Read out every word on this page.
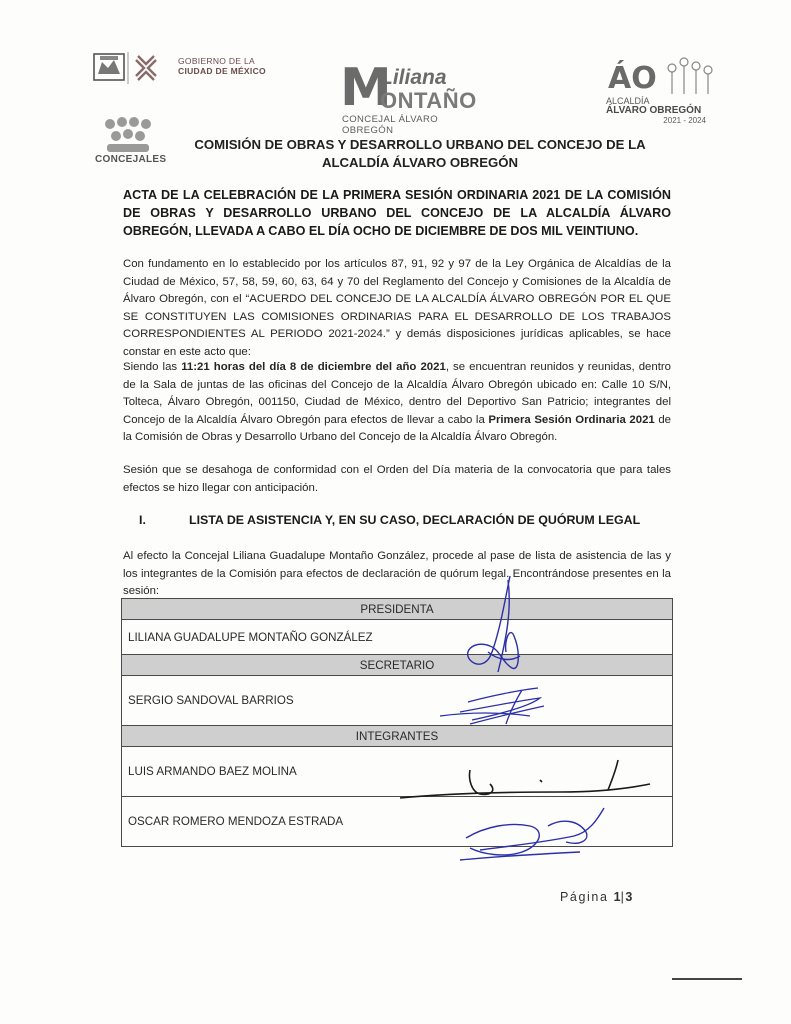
GOBIERNO DE LA
CIUDAD DE MÉXICO M
Liliana
ONTAÑO
CONCEJAL ÁLVARO OBREGÓN
ÁO
ALCALDÍA
ÁLVARO OBREGÓN
2021 - 2024
CONCEJALES
COMISIÓN DE OBRAS Y DESARROLLO URBANO DEL CONCEJO DE LA
ALCALDÍA ÁLVARO OBREGÓN
ACTA DE LA CELEBRACIÓN DE LA PRIMERA SESIÓN ORDINARIA 2021 DE LA COMISIÓN DE OBRAS Y DESARROLLO URBANO DEL CONCEJO DE LA ALCALDÍA ÁLVARO OBREGÓN, LLEVADA A CABO EL DÍA OCHO DE DICIEMBRE DE DOS MIL VEINTIUNO.
Con fundamento en lo establecido por los artículos 87, 91, 92 y 97 de la Ley Orgánica de Alcaldías de la Ciudad de México, 57, 58, 59, 60, 63, 64 y 70 del Reglamento del Concejo y Comisiones de la Alcaldía de Álvaro Obregón, con el “ACUERDO DEL CONCEJO DE LA ALCALDÍA ÁLVARO OBREGÓN POR EL QUE SE CONSTITUYEN LAS COMISIONES ORDINARIAS PARA EL DESARROLLO DE LOS TRABAJOS CORRESPONDIENTES AL PERIODO 2021-2024.” y demás disposiciones jurídicas aplicables, se hace constar en este acto que:
Siendo las 11:21 horas del día 8 de diciembre del año 2021, se encuentran reunidos y reunidas, dentro de la Sala de juntas de las oficinas del Concejo de la Alcaldía Álvaro Obregón ubicado en: Calle 10 S/N, Tolteca, Álvaro Obregón, 001150, Ciudad de México, dentro del Deportivo San Patricio; integrantes del Concejo de la Alcaldía Álvaro Obregón para efectos de llevar a cabo la Primera Sesión Ordinaria 2021 de la Comisión de Obras y Desarrollo Urbano del Concejo de la Alcaldía Álvaro Obregón.
Sesión que se desahoga de conformidad con el Orden del Día materia de la convocatoria que para tales efectos se hizo llegar con anticipación.
I.	LISTA DE ASISTENCIA Y, EN SU CASO, DECLARACIÓN DE QUÓRUM LEGAL
Al efecto la Concejal Liliana Guadalupe Montaño González, procede al pase de lista de asistencia de las y los integrantes de la Comisión para efectos de declaración de quórum legal. Encontrándose presentes en la sesión:
PRESIDENTA
LILIANA GUADALUPE MONTAÑO GONZÁLEZ
SECRETARIO
SERGIO SANDOVAL BARRIOS
INTEGRANTES
LUIS ARMANDO BAEZ MOLINA
OSCAR ROMERO MENDOZA ESTRADA
Página 1|3
